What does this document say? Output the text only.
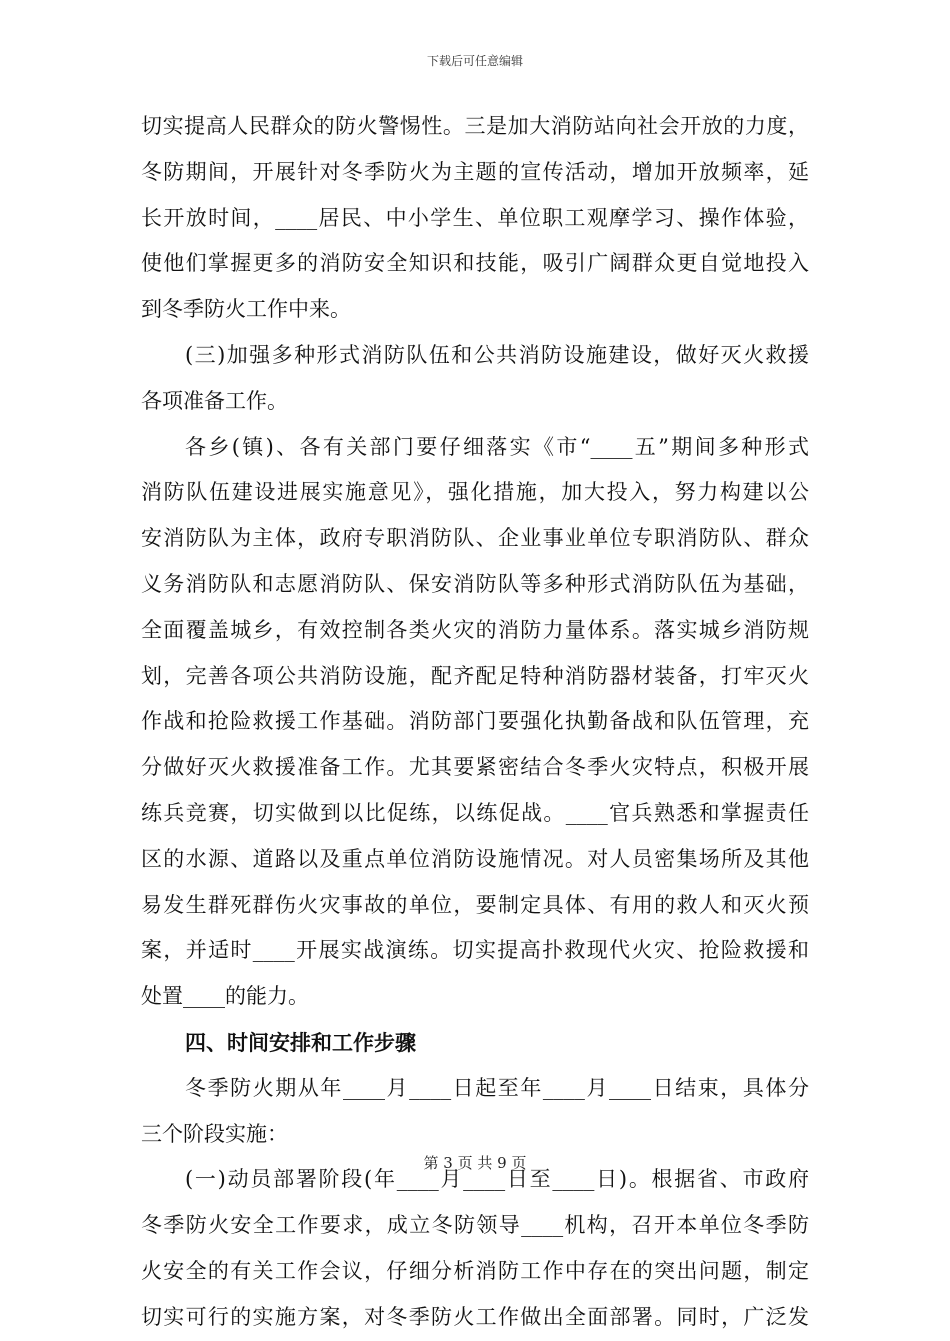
下载后可任意编辑
切实提高人民群众的防火警惕性。三是加大消防站向社会开放的力度，
冬防期间，开展针对冬季防火为主题的宣传活动，增加开放频率，延
长开放时间，____居民、中小学生、单位职工观摩学习、操作体验，
使他们掌握更多的消防安全知识和技能，吸引广阔群众更自觉地投入
到冬季防火工作中来。
(三)加强多种形式消防队伍和公共消防设施建设，做好灭火救援
各项准备工作。
各乡(镇)、各有关部门要仔细落实《市“____五”期间多种形式
消防队伍建设进展实施意见》，强化措施，加大投入，努力构建以公
安消防队为主体，政府专职消防队、企业事业单位专职消防队、群众
义务消防队和志愿消防队、保安消防队等多种形式消防队伍为基础，
全面覆盖城乡，有效控制各类火灾的消防力量体系。落实城乡消防规
划，完善各项公共消防设施，配齐配足特种消防器材装备，打牢灭火
作战和抢险救援工作基础。消防部门要强化执勤备战和队伍管理，充
分做好灭火救援准备工作。尤其要紧密结合冬季火灾特点，积极开展
练兵竞赛，切实做到以比促练，以练促战。____官兵熟悉和掌握责任
区的水源、道路以及重点单位消防设施情况。对人员密集场所及其他
易发生群死群伤火灾事故的单位，要制定具体、有用的救人和灭火预
案，并适时____开展实战演练。切实提高扑救现代火灾、抢险救援和
处置____的能力。
四、时间安排和工作步骤
冬季防火期从年____月____日起至年____月____日结束，具体分
三个阶段实施：
(一)动员部署阶段(年____月____日至____日)。根据省、市政府
冬季防火安全工作要求，成立冬防领导____机构，召开本单位冬季防
火安全的有关工作会议，仔细分析消防工作中存在的突出问题，制定
切实可行的实施方案，对冬季防火工作做出全面部署。同时，广泛发
第 3 页 共 9 页
